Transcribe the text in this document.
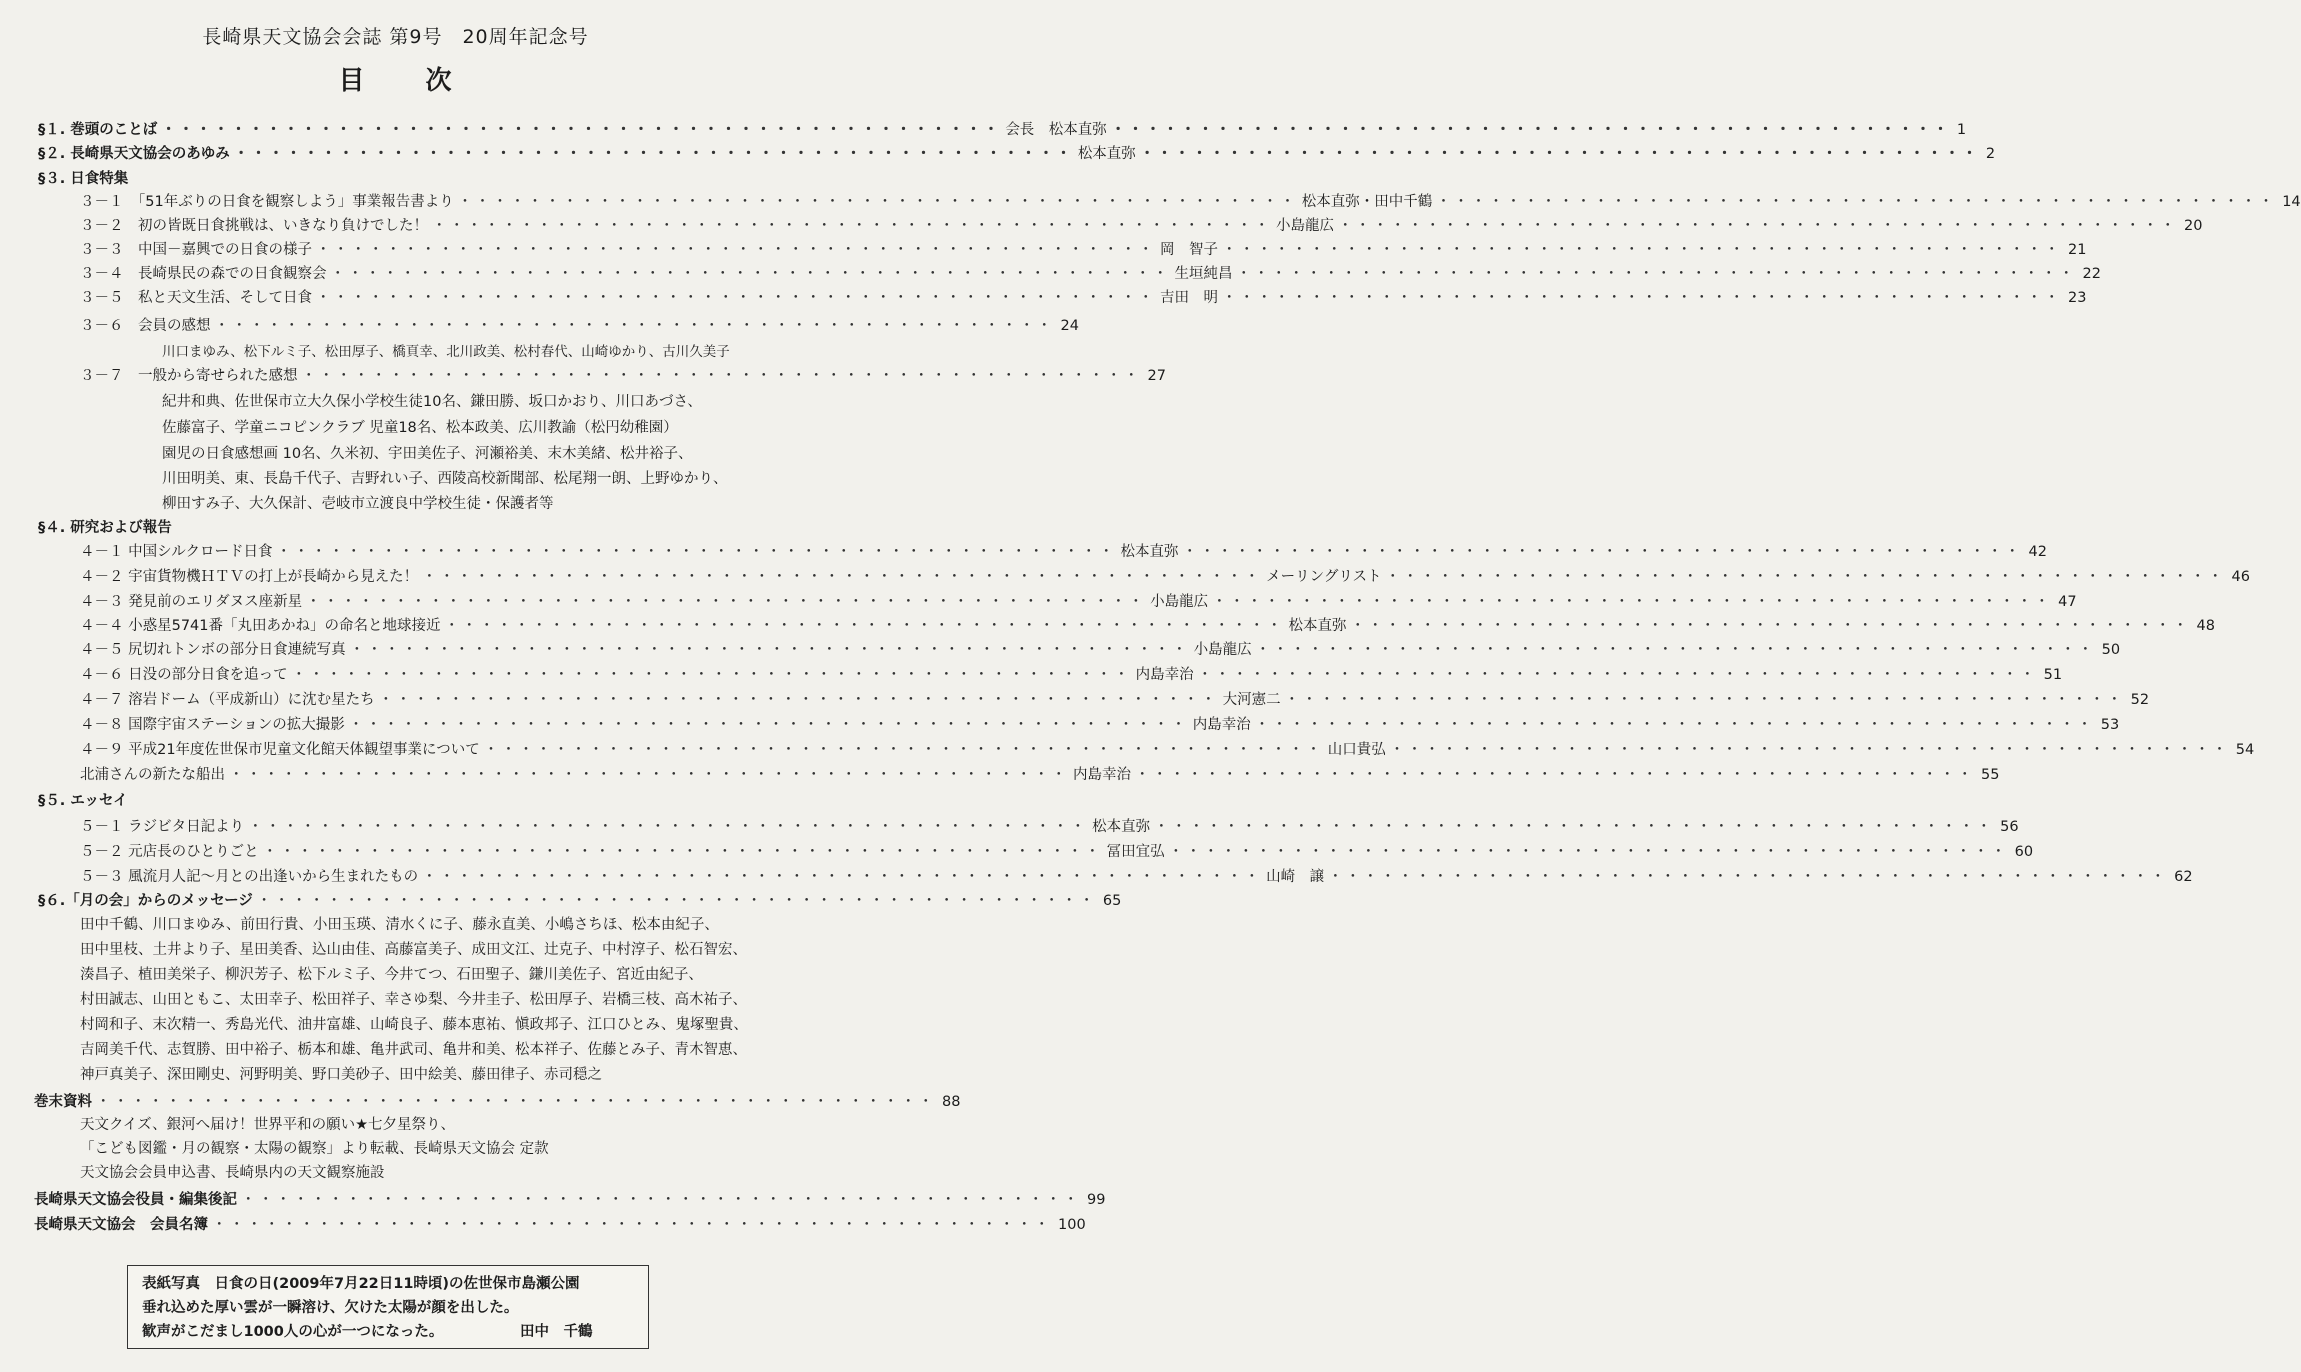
長崎県天文協会会誌 第9号　20周年記念号
目 次
§１. 巻頭のことば ・・・・・・・・・・・・・・・・・・・・・・・・・・・・・・・・・・・・・・・・・・・・・・・・ 会長　松本直弥 ・・・・・・・・・・・・・・・・・・・・・・・・・・・・・・・・・・・・・・・・・・・・・・・・ 1
§２. 長崎県天文協会のあゆみ ・・・・・・・・・・・・・・・・・・・・・・・・・・・・・・・・・・・・・・・・・・・・・・・・ 松本直弥 ・・・・・・・・・・・・・・・・・・・・・・・・・・・・・・・・・・・・・・・・・・・・・・・・ 2
§３. 日食特集
３－１　「51年ぶりの日食を観察しよう」事業報告書より ・・・・・・・・・・・・・・・・・・・・・・・・・・・・・・・・・・・・・・・・・・・・・・・・ 松本直弥・田中千鶴 ・・・・・・・・・・・・・・・・・・・・・・・・・・・・・・・・・・・・・・・・・・・・・・・・ 14
３－２　初の皆既日食挑戦は、いきなり負けでした！ ・・・・・・・・・・・・・・・・・・・・・・・・・・・・・・・・・・・・・・・・・・・・・・・・ 小島龍広 ・・・・・・・・・・・・・・・・・・・・・・・・・・・・・・・・・・・・・・・・・・・・・・・・ 20
３－３　中国－嘉興での日食の様子 ・・・・・・・・・・・・・・・・・・・・・・・・・・・・・・・・・・・・・・・・・・・・・・・・ 岡　智子 ・・・・・・・・・・・・・・・・・・・・・・・・・・・・・・・・・・・・・・・・・・・・・・・・ 21
３－４　長崎県民の森での日食観察会 ・・・・・・・・・・・・・・・・・・・・・・・・・・・・・・・・・・・・・・・・・・・・・・・・ 生垣純昌 ・・・・・・・・・・・・・・・・・・・・・・・・・・・・・・・・・・・・・・・・・・・・・・・・ 22
３－５　私と天文生活、そして日食 ・・・・・・・・・・・・・・・・・・・・・・・・・・・・・・・・・・・・・・・・・・・・・・・・ 吉田　明 ・・・・・・・・・・・・・・・・・・・・・・・・・・・・・・・・・・・・・・・・・・・・・・・・ 23
３－６　会員の感想 ・・・・・・・・・・・・・・・・・・・・・・・・・・・・・・・・・・・・・・・・・・・・・・・・ 24
川口まゆみ、松下ルミ子、松田厚子、橋頁幸、北川政美、松村春代、山崎ゆかり、古川久美子
３－７　一般から寄せられた感想 ・・・・・・・・・・・・・・・・・・・・・・・・・・・・・・・・・・・・・・・・・・・・・・・・ 27
紀井和典、佐世保市立大久保小学校生徒10名、鎌田勝、坂口かおり、川口あづさ、
佐藤富子、学童ニコピンクラブ 児童18名、松本政美、広川教諭（松円幼稚園）
園児の日食感想画 10名、久米初、宇田美佐子、河瀬裕美、末木美緒、松井裕子、
川田明美、東、長島千代子、吉野れい子、西陵高校新聞部、松尾翔一朗、上野ゆかり、
柳田すみ子、大久保計、壱岐市立渡良中学校生徒・保護者等
§４. 研究および報告
４－１ 中国シルクロード日食 ・・・・・・・・・・・・・・・・・・・・・・・・・・・・・・・・・・・・・・・・・・・・・・・・ 松本直弥 ・・・・・・・・・・・・・・・・・・・・・・・・・・・・・・・・・・・・・・・・・・・・・・・・ 42
４－２ 宇宙貨物機ＨＴＶの打上が長崎から見えた！ ・・・・・・・・・・・・・・・・・・・・・・・・・・・・・・・・・・・・・・・・・・・・・・・・ メーリングリスト ・・・・・・・・・・・・・・・・・・・・・・・・・・・・・・・・・・・・・・・・・・・・・・・・ 46
４－３ 発見前のエリダヌス座新星 ・・・・・・・・・・・・・・・・・・・・・・・・・・・・・・・・・・・・・・・・・・・・・・・・ 小島龍広 ・・・・・・・・・・・・・・・・・・・・・・・・・・・・・・・・・・・・・・・・・・・・・・・・ 47
４－４ 小惑星5741番「丸田あかね」の命名と地球接近 ・・・・・・・・・・・・・・・・・・・・・・・・・・・・・・・・・・・・・・・・・・・・・・・・ 松本直弥 ・・・・・・・・・・・・・・・・・・・・・・・・・・・・・・・・・・・・・・・・・・・・・・・・ 48
４－５ 尻切れトンボの部分日食連続写真 ・・・・・・・・・・・・・・・・・・・・・・・・・・・・・・・・・・・・・・・・・・・・・・・・ 小島龍広 ・・・・・・・・・・・・・・・・・・・・・・・・・・・・・・・・・・・・・・・・・・・・・・・・ 50
４－６ 日没の部分日食を追って ・・・・・・・・・・・・・・・・・・・・・・・・・・・・・・・・・・・・・・・・・・・・・・・・ 内島幸治 ・・・・・・・・・・・・・・・・・・・・・・・・・・・・・・・・・・・・・・・・・・・・・・・・ 51
４－７ 溶岩ドーム（平成新山）に沈む星たち ・・・・・・・・・・・・・・・・・・・・・・・・・・・・・・・・・・・・・・・・・・・・・・・・ 大河憲二 ・・・・・・・・・・・・・・・・・・・・・・・・・・・・・・・・・・・・・・・・・・・・・・・・ 52
４－８ 国際宇宙ステーションの拡大撮影 ・・・・・・・・・・・・・・・・・・・・・・・・・・・・・・・・・・・・・・・・・・・・・・・・ 内島幸治 ・・・・・・・・・・・・・・・・・・・・・・・・・・・・・・・・・・・・・・・・・・・・・・・・ 53
４－９ 平成21年度佐世保市児童文化館天体観望事業について ・・・・・・・・・・・・・・・・・・・・・・・・・・・・・・・・・・・・・・・・・・・・・・・・ 山口貴弘 ・・・・・・・・・・・・・・・・・・・・・・・・・・・・・・・・・・・・・・・・・・・・・・・・ 54
北浦さんの新たな船出 ・・・・・・・・・・・・・・・・・・・・・・・・・・・・・・・・・・・・・・・・・・・・・・・・ 内島幸治 ・・・・・・・・・・・・・・・・・・・・・・・・・・・・・・・・・・・・・・・・・・・・・・・・ 55
§５. エッセイ
５－１ ラジビタ日記より ・・・・・・・・・・・・・・・・・・・・・・・・・・・・・・・・・・・・・・・・・・・・・・・・ 松本直弥 ・・・・・・・・・・・・・・・・・・・・・・・・・・・・・・・・・・・・・・・・・・・・・・・・ 56
５－２ 元店長のひとりごと ・・・・・・・・・・・・・・・・・・・・・・・・・・・・・・・・・・・・・・・・・・・・・・・・ 冨田宜弘 ・・・・・・・・・・・・・・・・・・・・・・・・・・・・・・・・・・・・・・・・・・・・・・・・ 60
５－３ 風流月人記～月との出逢いから生まれたもの ・・・・・・・・・・・・・・・・・・・・・・・・・・・・・・・・・・・・・・・・・・・・・・・・ 山崎　譲 ・・・・・・・・・・・・・・・・・・・・・・・・・・・・・・・・・・・・・・・・・・・・・・・・ 62
§６.「月の会」からのメッセージ ・・・・・・・・・・・・・・・・・・・・・・・・・・・・・・・・・・・・・・・・・・・・・・・・ 65
田中千鶴、川口まゆみ、前田行貴、小田玉瑛、清水くに子、藤永直美、小嶋さちほ、松本由紀子、
田中里枝、土井より子、星田美香、込山由佳、高藤富美子、成田文江、辻克子、中村淳子、松石智宏、
湊昌子、植田美栄子、柳沢芳子、松下ルミ子、今井てつ、石田聖子、鎌川美佐子、宮近由紀子、
村田誠志、山田ともこ、太田幸子、松田祥子、幸さゆ梨、今井圭子、松田厚子、岩橋三枝、高木祐子、
村岡和子、末次精一、秀島光代、油井富雄、山崎良子、藤本恵祐、愼政邦子、江口ひとみ、鬼塚聖貴、
吉岡美千代、志賀勝、田中裕子、栃本和雄、亀井武司、亀井和美、松本祥子、佐藤とみ子、青木智恵、
神戸真美子、深田剛史、河野明美、野口美砂子、田中絵美、藤田律子、赤司穏之
巻末資料 ・・・・・・・・・・・・・・・・・・・・・・・・・・・・・・・・・・・・・・・・・・・・・・・・ 88
天文クイズ、銀河へ届け！世界平和の願い★七夕星祭り、
「こども図鑑・月の観察・太陽の観察」より転載、長崎県天文協会 定款
天文協会会員申込書、長崎県内の天文観察施設
長崎県天文協会役員・編集後記 ・・・・・・・・・・・・・・・・・・・・・・・・・・・・・・・・・・・・・・・・・・・・・・・・ 99
長崎県天文協会　会員名簿 ・・・・・・・・・・・・・・・・・・・・・・・・・・・・・・・・・・・・・・・・・・・・・・・・ 100
表紙写真　日食の日(2009年7月22日11時頃)の佐世保市島瀬公園
垂れ込めた厚い雲が一瞬溶け、欠けた太陽が顔を出した。
歓声がこだまし1000人の心が一つになった。	田中　千鶴
